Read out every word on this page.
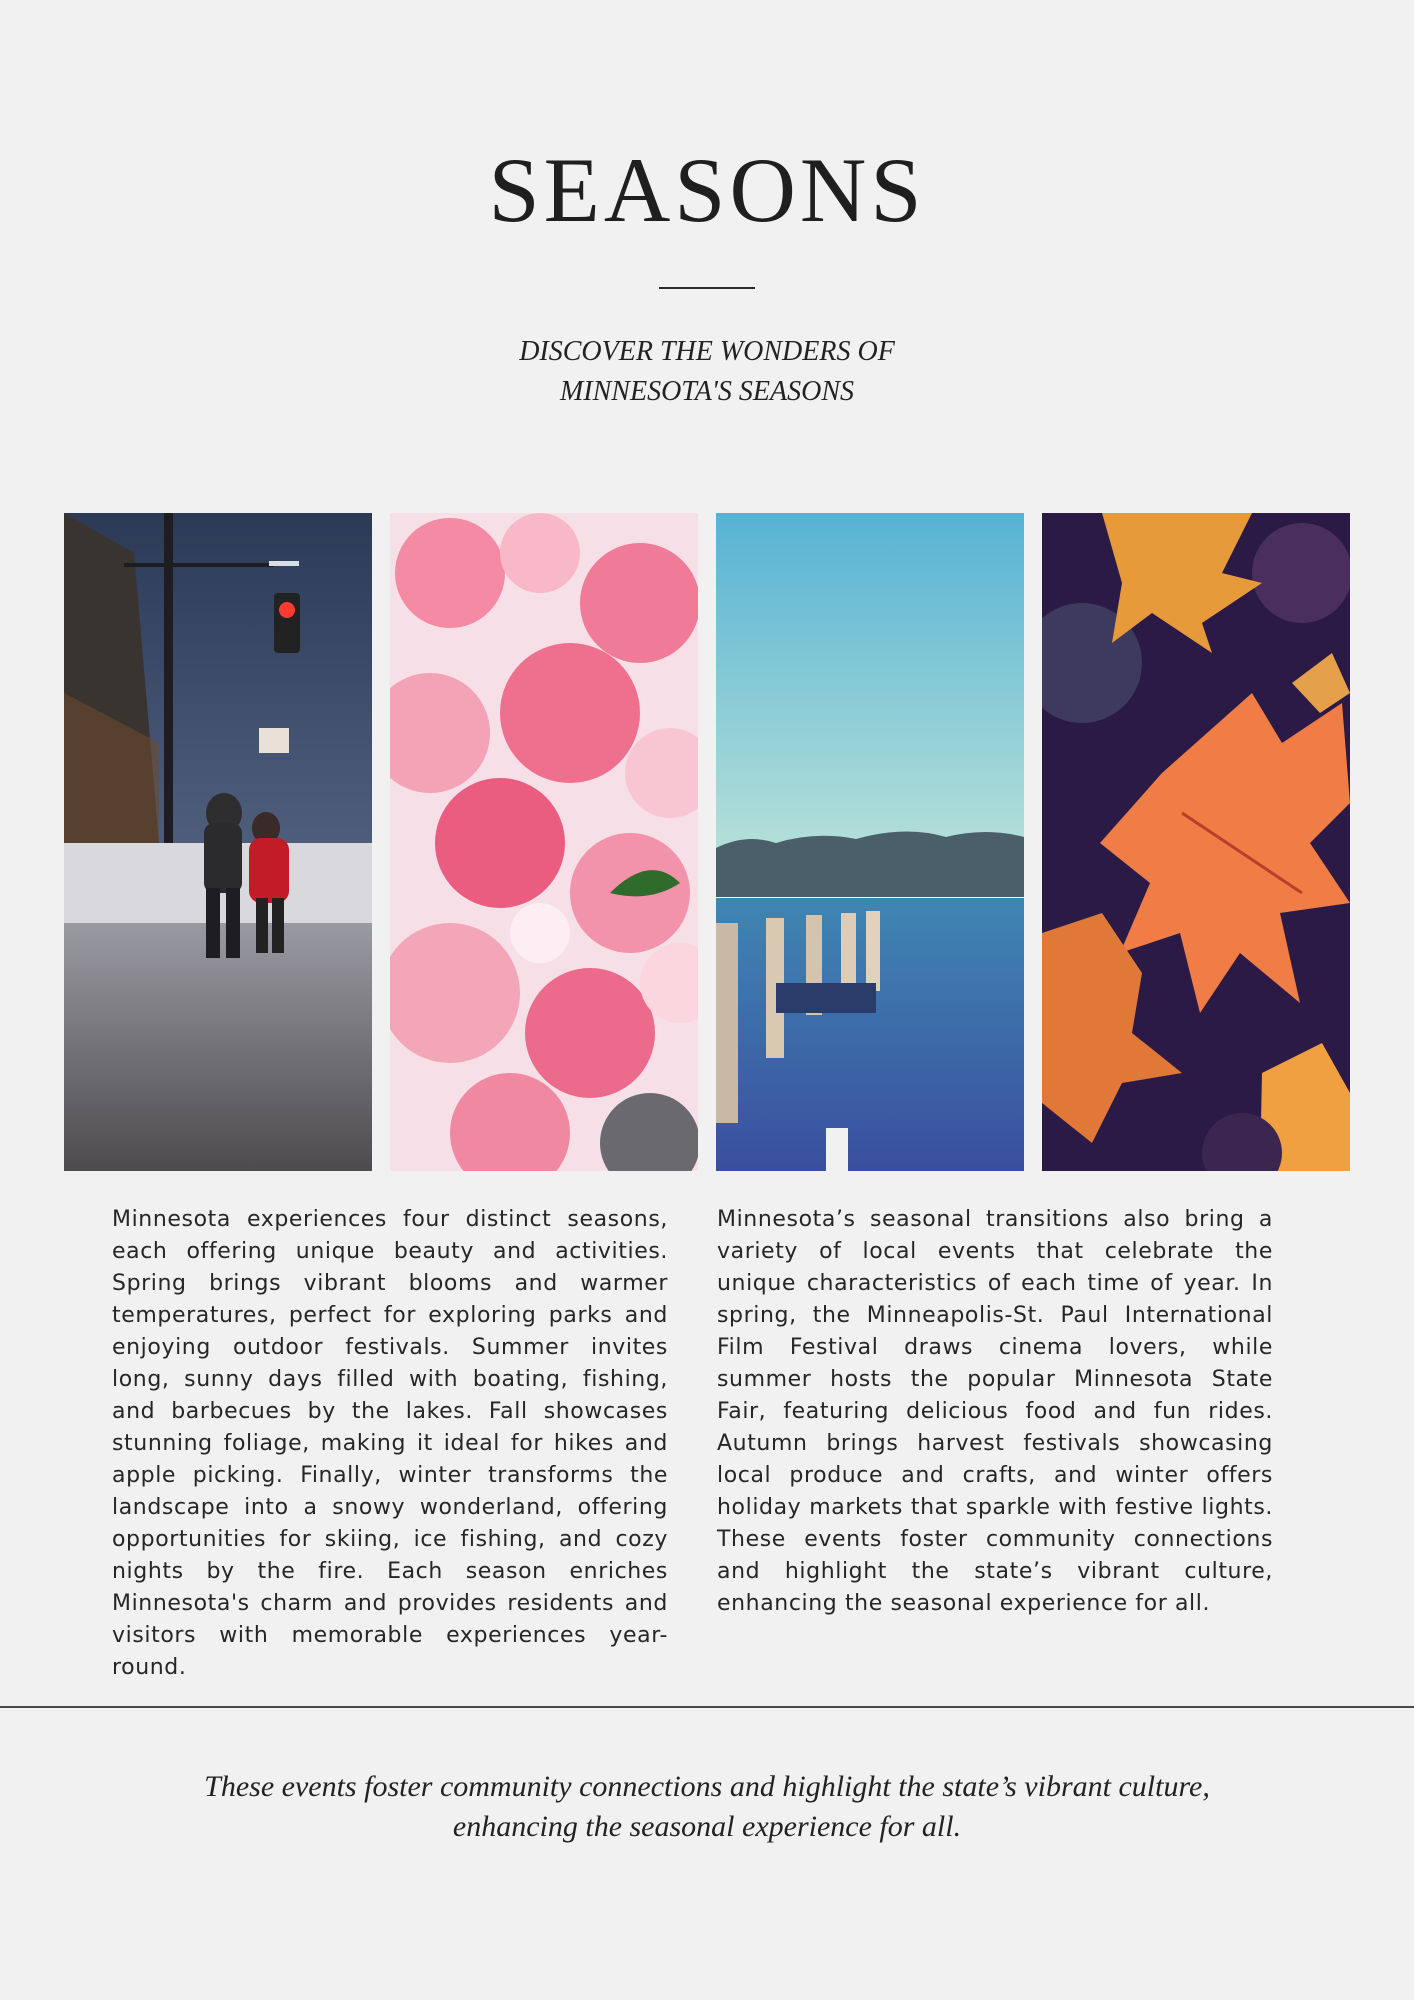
SEASONS
DISCOVER THE WONDERS OF
MINNESOTA'S SEASONS
Minnesota experiences four distinct seasons, each offering unique beauty and activities. Spring brings vibrant blooms and warmer temperatures, perfect for exploring parks and enjoying outdoor festivals. Summer invites long, sunny days filled with boating, fishing, and barbecues by the lakes. Fall showcases stunning foliage, making it ideal for hikes and apple picking. Finally, winter transforms the landscape into a snowy wonderland, offering opportunities for skiing, ice fishing, and cozy nights by the fire. Each season enriches Minnesota's charm and provides residents and visitors with memorable experiences year-round.
Minnesota’s seasonal transitions also bring a variety of local events that celebrate the unique characteristics of each time of year. In spring, the Minneapolis-St. Paul International Film Festival draws cinema lovers, while summer hosts the popular Minnesota State Fair, featuring delicious food and fun rides. Autumn brings harvest festivals showcasing local produce and crafts, and winter offers holiday markets that sparkle with festive lights. These events foster community connections and highlight the state’s vibrant culture, enhancing the seasonal experience for all.
These events foster community connections and highlight the state’s vibrant culture, enhancing the seasonal experience for all.
